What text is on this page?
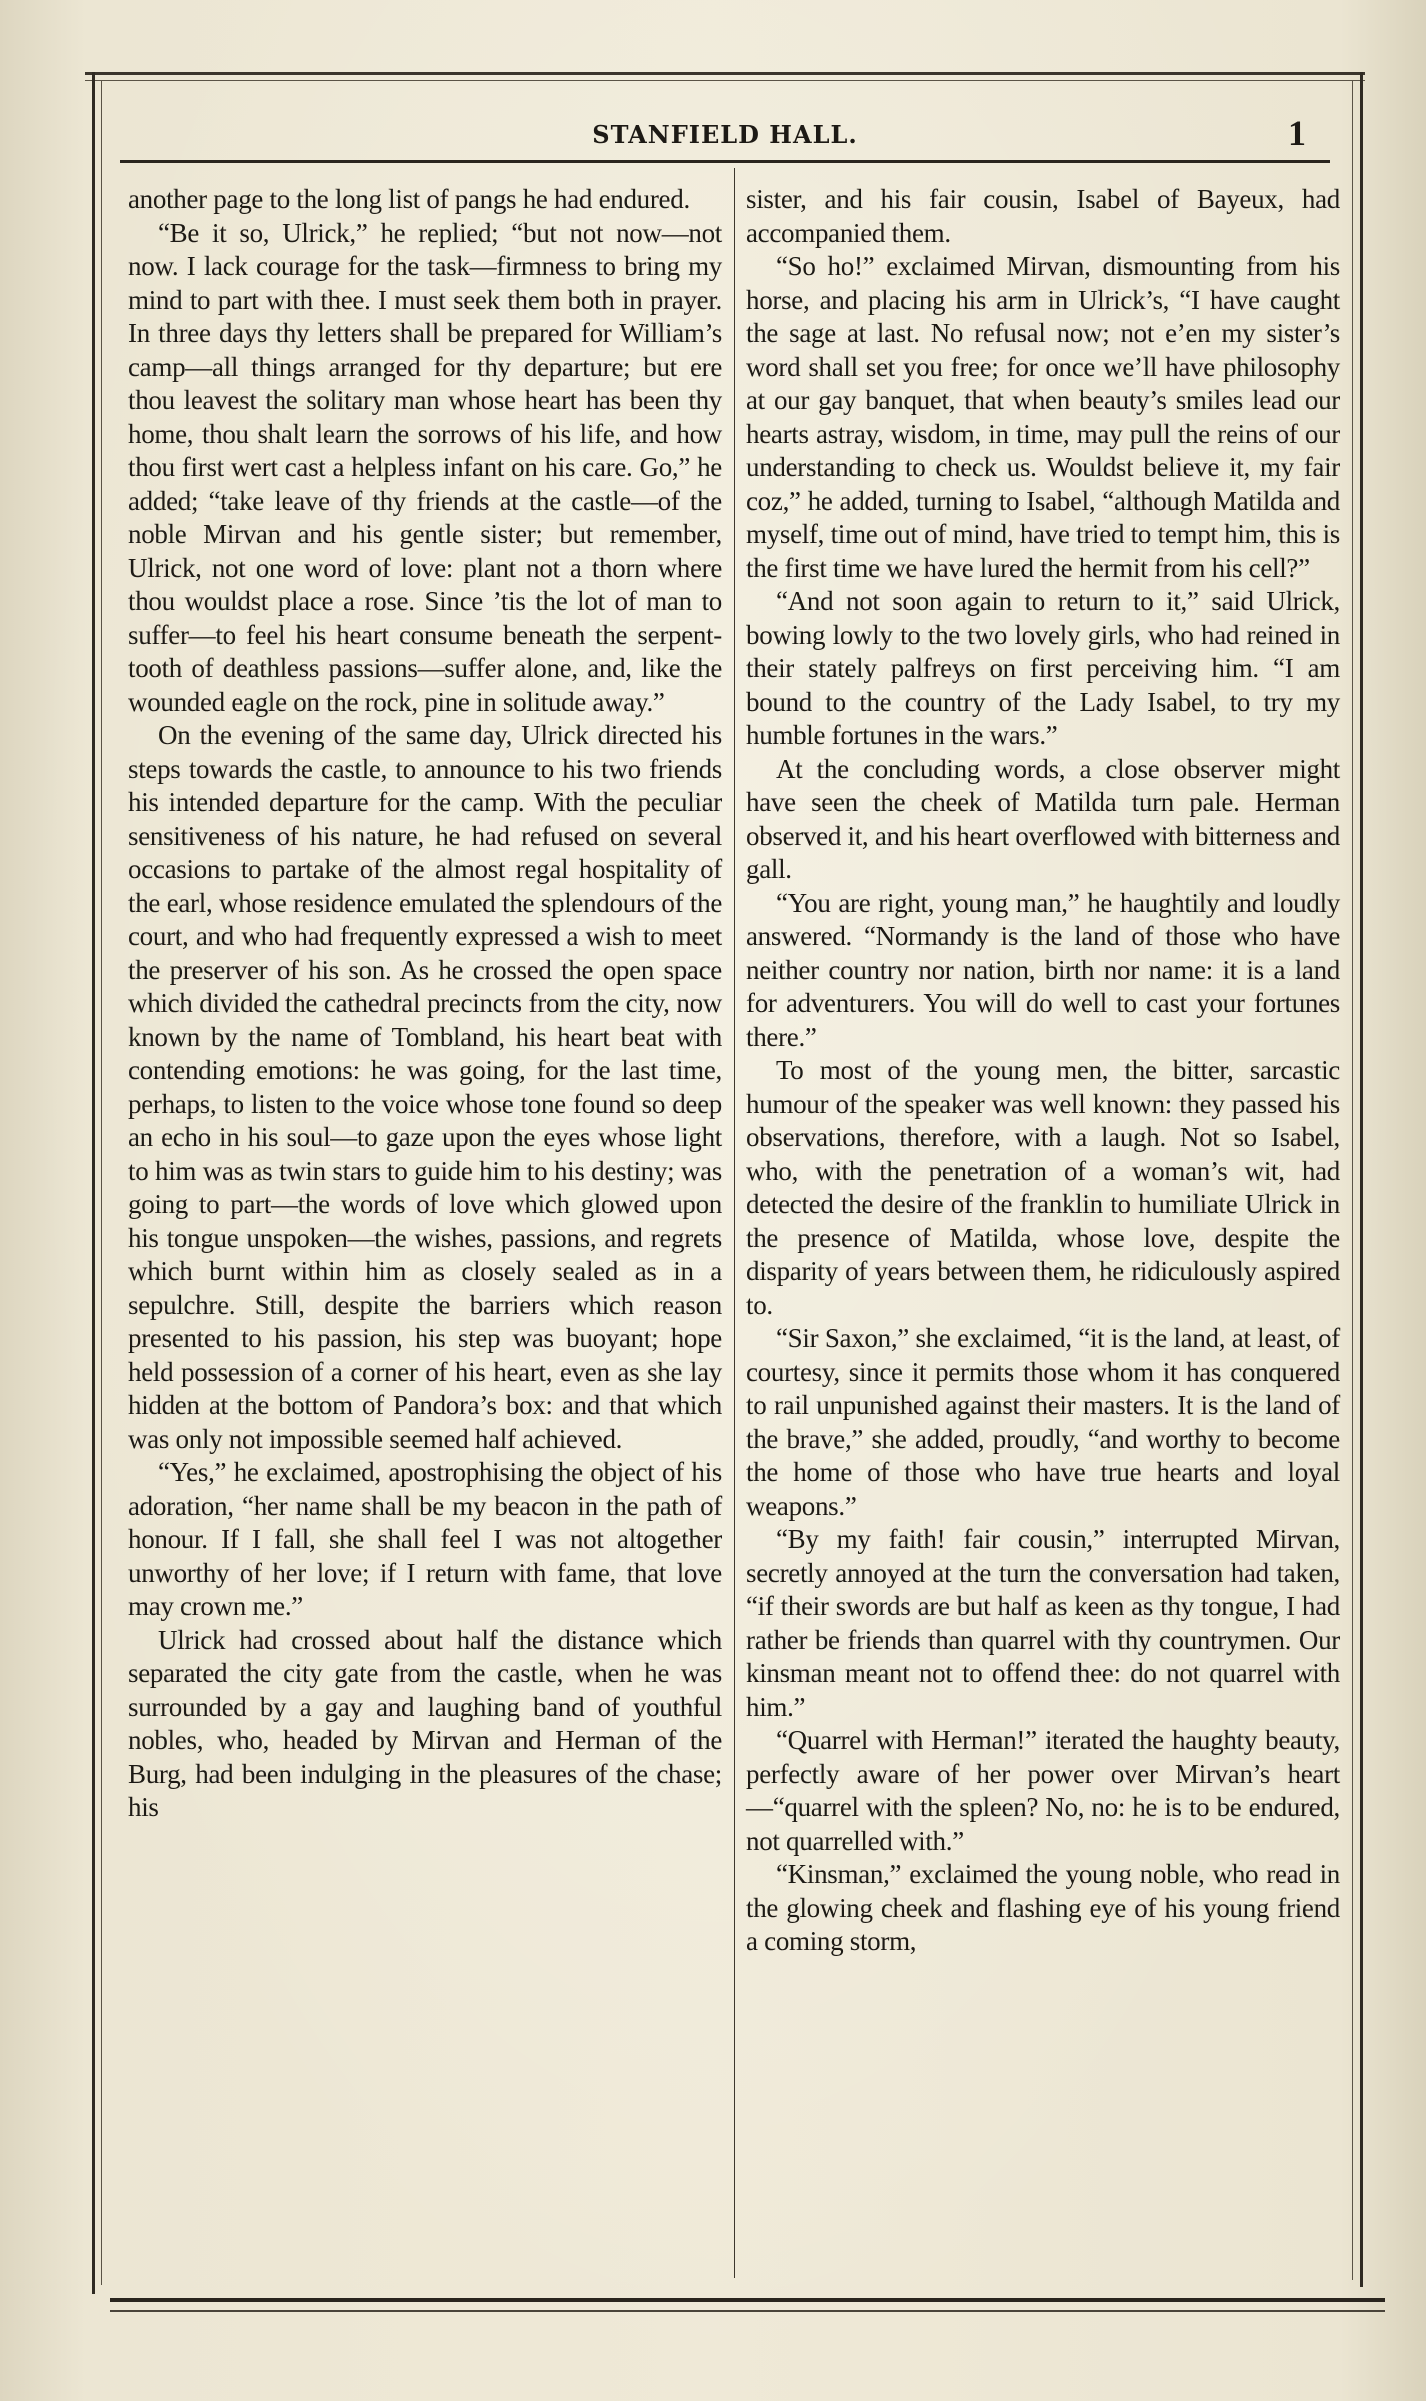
STANFIELD HALL.	1

another page to the long list of pangs he had endured.

“Be it so, Ulrick,” he replied; “but not now—not now. I lack courage for the task—firmness to bring my mind to part with thee. I must seek them both in prayer. In three days thy letters shall be prepared for William’s camp—all things arranged for thy departure; but ere thou leavest the solitary man whose heart has been thy home, thou shalt learn the sorrows of his life, and how thou first wert cast a helpless infant on his care. Go,” he added; “take leave of thy friends at the castle—of the noble Mirvan and his gentle sister; but remember, Ulrick, not one word of love: plant not a thorn where thou wouldst place a rose. Since ’tis the lot of man to suffer—to feel his heart consume beneath the serpent-tooth of deathless passions—suffer alone, and, like the wounded eagle on the rock, pine in solitude away.”

On the evening of the same day, Ulrick directed his steps towards the castle, to announce to his two friends his intended departure for the camp. With the peculiar sensitiveness of his nature, he had refused on several occasions to partake of the almost regal hospitality of the earl, whose residence emulated the splendours of the court, and who had frequently expressed a wish to meet the preserver of his son. As he crossed the open space which divided the cathedral precincts from the city, now known by the name of Tombland, his heart beat with contending emotions: he was going, for the last time, perhaps, to listen to the voice whose tone found so deep an echo in his soul—to gaze upon the eyes whose light to him was as twin stars to guide him to his destiny; was going to part—the words of love which glowed upon his tongue unspoken—the wishes, passions, and regrets which burnt within him as closely sealed as in a sepulchre. Still, despite the barriers which reason presented to his passion, his step was buoyant; hope held possession of a corner of his heart, even as she lay hidden at the bottom of Pandora’s box: and that which was only not impossible seemed half achieved.

“Yes,” he exclaimed, apostrophising the object of his adoration, “her name shall be my beacon in the path of honour. If I fall, she shall feel I was not altogether unworthy of her love; if I return with fame, that love may crown me.”

Ulrick had crossed about half the distance which separated the city gate from the castle, when he was surrounded by a gay and laughing band of youthful nobles, who, headed by Mirvan and Herman of the Burg, had been indulging in the pleasures of the chase; his

sister, and his fair cousin, Isabel of Bayeux, had accompanied them.

“So ho!” exclaimed Mirvan, dismounting from his horse, and placing his arm in Ulrick’s, “I have caught the sage at last. No refusal now; not e’en my sister’s word shall set you free; for once we’ll have philosophy at our gay banquet, that when beauty’s smiles lead our hearts astray, wisdom, in time, may pull the reins of our understanding to check us. Wouldst believe it, my fair coz,” he added, turning to Isabel, “although Matilda and myself, time out of mind, have tried to tempt him, this is the first time we have lured the hermit from his cell?”

“And not soon again to return to it,” said Ulrick, bowing lowly to the two lovely girls, who had reined in their stately palfreys on first perceiving him. “I am bound to the country of the Lady Isabel, to try my humble fortunes in the wars.”

At the concluding words, a close observer might have seen the cheek of Matilda turn pale. Herman observed it, and his heart overflowed with bitterness and gall.

“You are right, young man,” he haughtily and loudly answered. “Normandy is the land of those who have neither country nor nation, birth nor name: it is a land for adventurers. You will do well to cast your fortunes there.”

To most of the young men, the bitter, sarcastic humour of the speaker was well known: they passed his observations, therefore, with a laugh. Not so Isabel, who, with the penetration of a woman’s wit, had detected the desire of the franklin to humiliate Ulrick in the presence of Matilda, whose love, despite the disparity of years between them, he ridiculously aspired to.

“Sir Saxon,” she exclaimed, “it is the land, at least, of courtesy, since it permits those whom it has conquered to rail unpunished against their masters. It is the land of the brave,” she added, proudly, “and worthy to become the home of those who have true hearts and loyal weapons.”

“By my faith! fair cousin,” interrupted Mirvan, secretly annoyed at the turn the conversation had taken, “if their swords are but half as keen as thy tongue, I had rather be friends than quarrel with thy countrymen. Our kinsman meant not to offend thee: do not quarrel with him.”

“Quarrel with Herman!” iterated the haughty beauty, perfectly aware of her power over Mirvan’s heart—“quarrel with the spleen? No, no: he is to be endured, not quarrelled with.”

“Kinsman,” exclaimed the young noble, who read in the glowing cheek and flashing eye of his young friend a coming storm,
